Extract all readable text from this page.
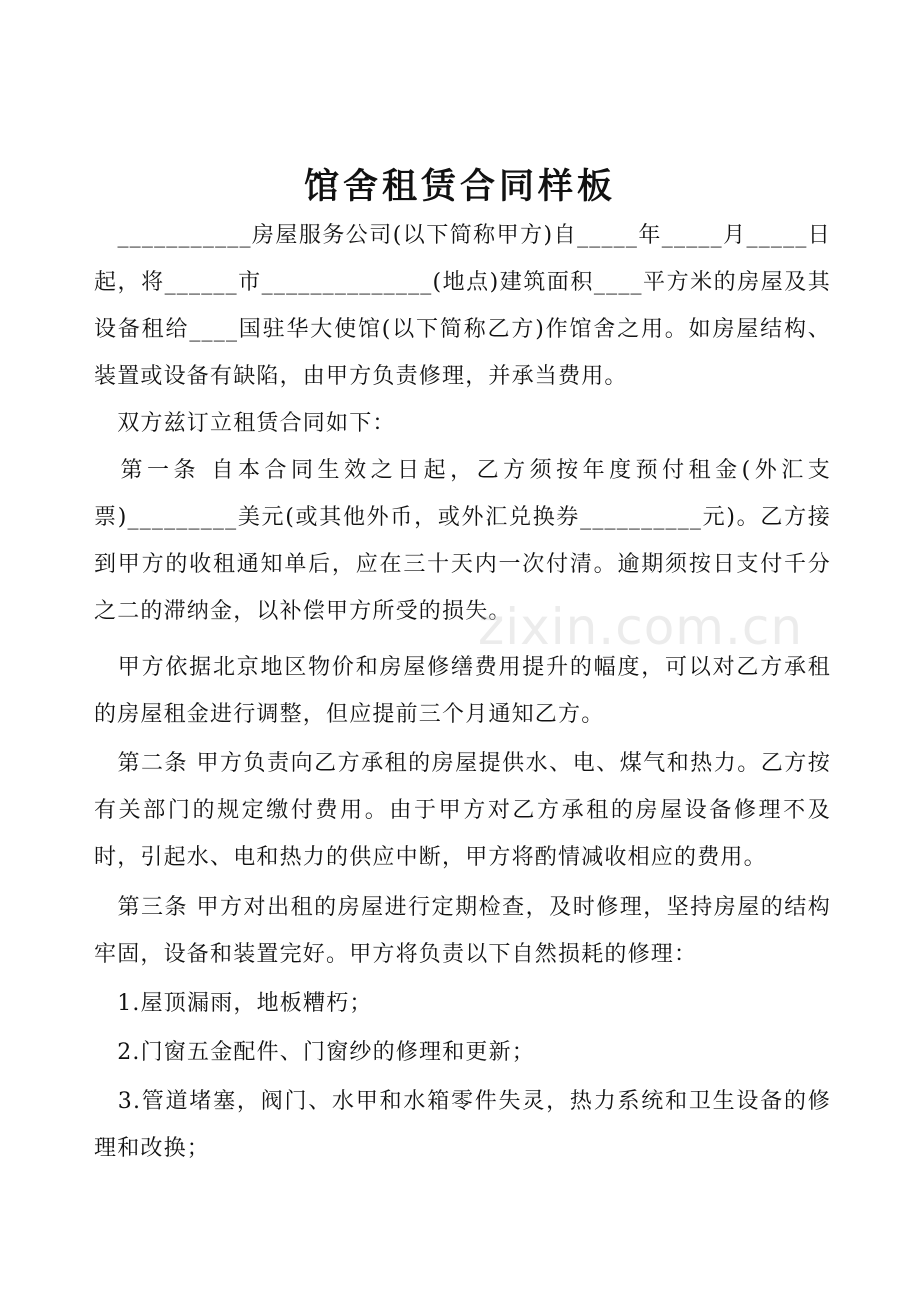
馆舍租赁合同样板
　___________房屋服务公司(以下简称甲方)自_____年_____月_____日起，将______市______________(地点)建筑面积____平方米的房屋及其设备租给____国驻华大使馆(以下简称乙方)作馆舍之用。如房屋结构、装置或设备有缺陷，由甲方负责修理，并承当费用。
　双方兹订立租赁合同如下：
　第一条 自本合同生效之日起，乙方须按年度预付租金(外汇支票)_________美元(或其他外币，或外汇兑换券__________元)。乙方接到甲方的收租通知单后，应在三十天内一次付清。逾期须按日支付千分之二的滞纳金，以补偿甲方所受的损失。
　甲方依据北京地区物价和房屋修缮费用提升的幅度，可以对乙方承租的房屋租金进行调整，但应提前三个月通知乙方。
　第二条 甲方负责向乙方承租的房屋提供水、电、煤气和热力。乙方按有关部门的规定缴付费用。由于甲方对乙方承租的房屋设备修理不及时，引起水、电和热力的供应中断，甲方将酌情减收相应的费用。
　第三条 甲方对出租的房屋进行定期检查，及时修理，坚持房屋的结构牢固，设备和装置完好。甲方将负责以下自然损耗的修理：
　1.屋顶漏雨，地板糟朽；
　2.门窗五金配件、门窗纱的修理和更新；
　3.管道堵塞，阀门、水甲和水箱零件失灵，热力系统和卫生设备的修理和改换；
zixin.com.cn
